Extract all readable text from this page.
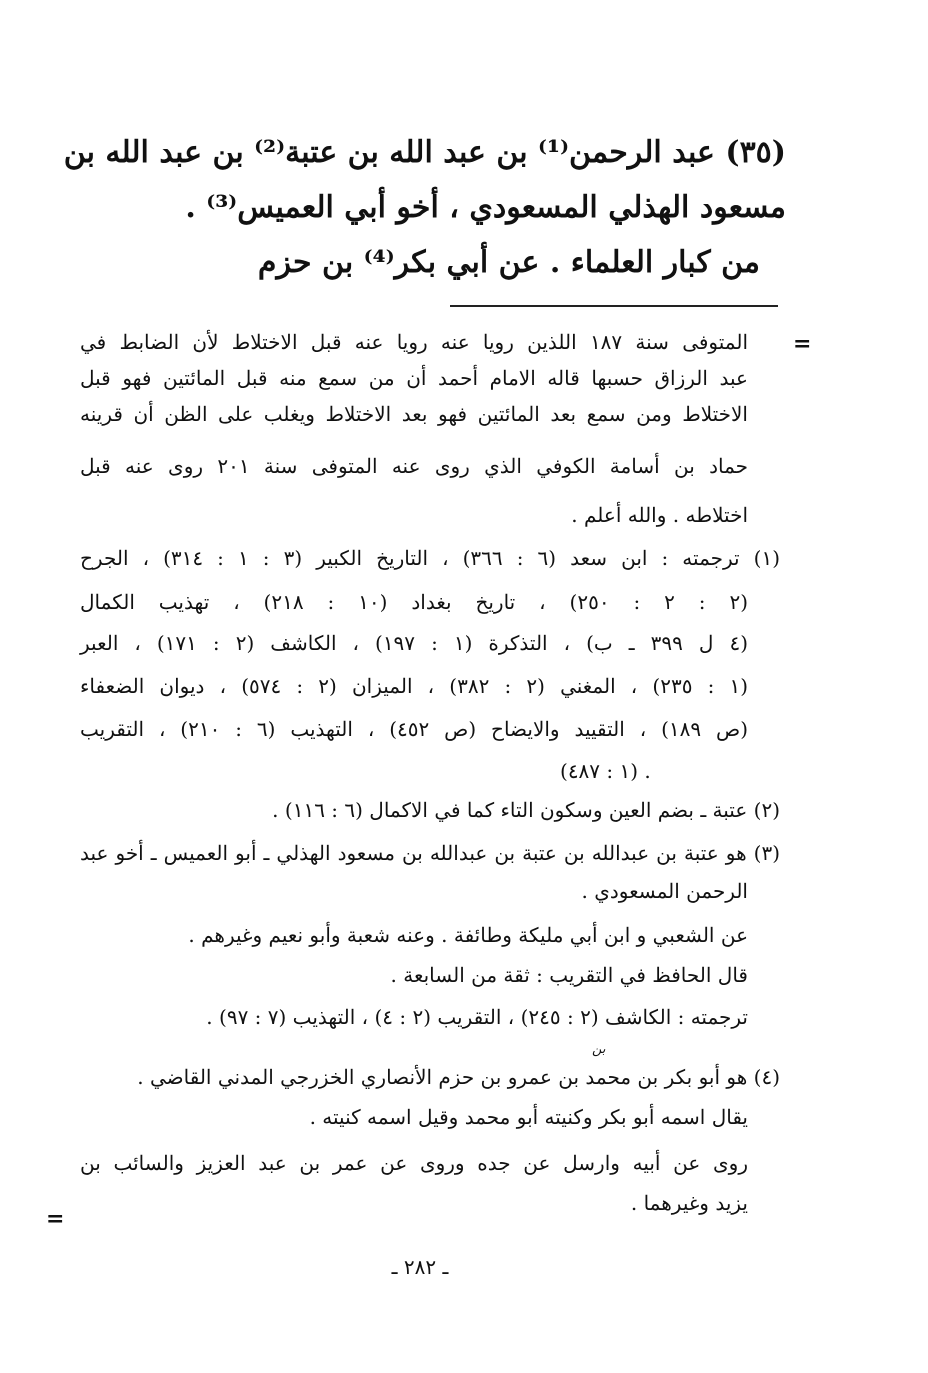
(٣٥) عبد الرحمن⁽¹⁾ بن عبد الله بن عتبة⁽²⁾ بن عبد الله بن
مسعود الهذلي المسعودي ، أخو أبي العميس⁽³⁾ .
من كبار العلماء . عن أبي بكر⁽⁴⁾ بن حزم
=
المتوفى سنة ١٨٧ اللذين رويا عنه رويا عنه قبل الاختلاط لأن الضابط في
عبد الرزاق حسبها قاله الامام أحمد أن من سمع منه قبل المائتين فهو قبل
الاختلاط ومن سمع بعد المائتين فهو بعد الاختلاط ويغلب على الظن أن قرينه
حماد بن أسامة الكوفي الذي روى عنه المتوفى سنة ٢٠١ روى عنه قبل
اختلاطه . والله أعلم .
(١) ترجمته : ابن سعد (٦ : ٣٦٦) ، التاريخ الكبير (٣ : ١ : ٣١٤) ، الجرح
(٢ : ٢ : ٢٥٠) ، تاريخ بغداد (١٠ : ٢١٨) ، تهذيب الكمال
(٤ ل ٣٩٩ ـ ب) ، التذكرة (١ : ١٩٧) ، الكاشف (٢ : ١٧١) ، العبر
(١ : ٢٣٥) ، المغني (٢ : ٣٨٢) ، الميزان (٢ : ٥٧٤) ، ديوان الضعفاء
(ص ١٨٩) ، التقييد والايضاح (ص ٤٥٢) ، التهذيب (٦ : ٢١٠) ، التقريب
(١ : ٤٨٧) .
(٢) عتبة ـ بضم العين وسكون التاء كما في الاكمال (٦ : ١١٦) .
(٣) هو عتبة بن عبدالله بن عتبة بن عبدالله بن مسعود الهذلي ـ أبو العميس ـ أخو عبد
الرحمن المسعودي .
عن الشعبي و ابن أبي مليكة وطائفة . وعنه شعبة وأبو نعيم وغيرهم .
قال الحافظ في التقريب : ثقة من السابعة .
ترجمته : الكاشف (٢ : ٢٤٥) ، التقريب (٢ : ٤) ، التهذيب (٧ : ٩٧) .
(٤) هو أبو بكر بن محمد بن عمرو بن حزم الأنصاري الخزرجي المدني القاضي .
يقال اسمه أبو بكر وكنيته أبو محمد وقيل اسمه كنيته .
روى عن أبيه وارسل عن جده وروى عن عمر بن عبد العزيز والسائب بن
يزيد وغيرهما .
بن
=
ـ ٢٨٢ ـ
